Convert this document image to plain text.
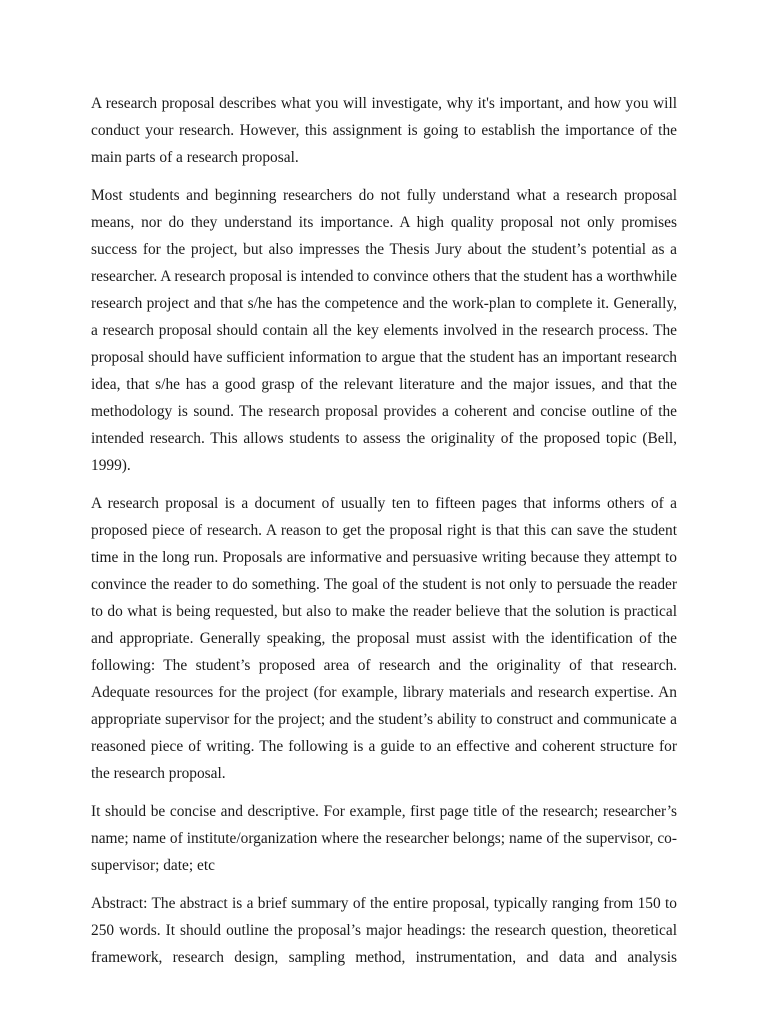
A research proposal describes what you will investigate, why it's important, and how you will conduct your research. However, this assignment is going to establish the importance of the main parts of a research proposal.

Most students and beginning researchers do not fully understand what a research proposal means, nor do they understand its importance. A high quality proposal not only promises success for the project, but also impresses the Thesis Jury about the student’s potential as a researcher. A research proposal is intended to convince others that the student has a worthwhile research project and that s/he has the competence and the work-plan to complete it. Generally, a research proposal should contain all the key elements involved in the research process. The proposal should have sufficient information to argue that the student has an important research idea, that s/he has a good grasp of the relevant literature and the major issues, and that the methodology is sound. The research proposal provides a coherent and concise outline of the intended research. This allows students to assess the originality of the proposed topic (Bell, 1999).

A research proposal is a document of usually ten to fifteen pages that informs others of a proposed piece of research. A reason to get the proposal right is that this can save the student time in the long run. Proposals are informative and persuasive writing because they attempt to convince the reader to do something. The goal of the student is not only to persuade the reader to do what is being requested, but also to make the reader believe that the solution is practical and appropriate. Generally speaking, the proposal must assist with the identification of the following: The student’s proposed area of research and the originality of that research. Adequate resources for the project (for example, library materials and research expertise. An appropriate supervisor for the project; and the student’s ability to construct and communicate a reasoned piece of writing. The following is a guide to an effective and coherent structure for the research proposal.

It should be concise and descriptive. For example, first page title of the research; researcher’s name; name of institute/organization where the researcher belongs; name of the supervisor, co-supervisor; date; etc

Abstract: The abstract is a brief summary of the entire proposal, typically ranging from 150 to 250 words. It should outline the proposal’s major headings: the research question, theoretical framework, research design, sampling method, instrumentation, and data and analysis
